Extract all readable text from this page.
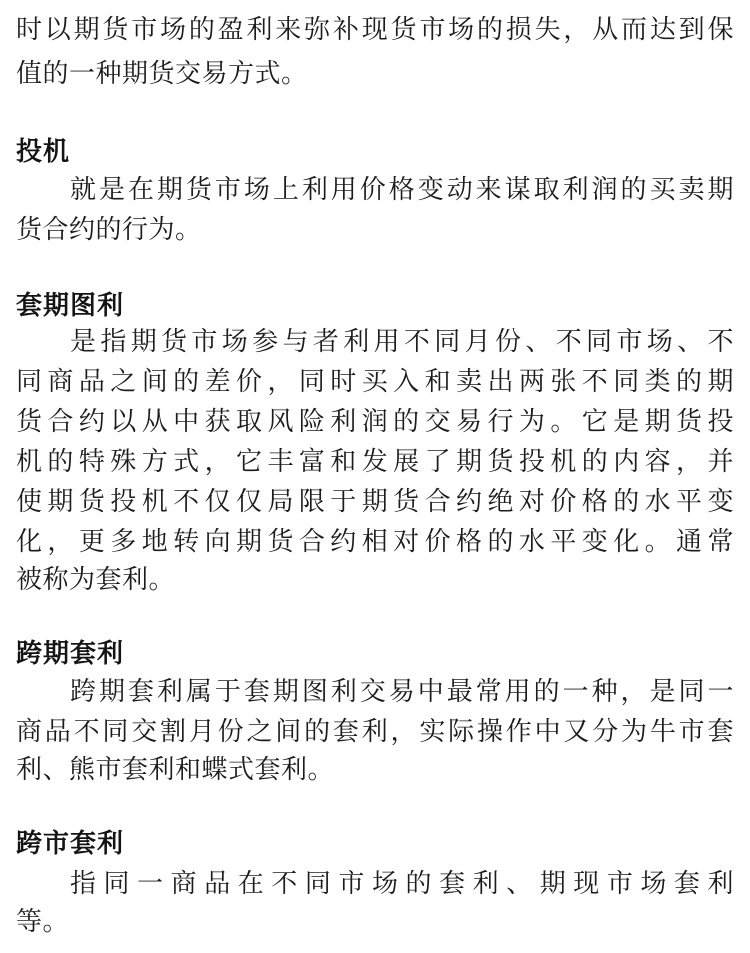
时以期货市场的盈利来弥补现货市场的损失，从而达到保
值的一种期货交易方式。
投机
就是在期货市场上利用价格变动来谋取利润的买卖期
货合约的行为。
套期图利
是指期货市场参与者利用不同月份、不同市场、不
同商品之间的差价，同时买入和卖出两张不同类的期
货合约以从中获取风险利润的交易行为。它是期货投
机的特殊方式，它丰富和发展了期货投机的内容，并
使期货投机不仅仅局限于期货合约绝对价格的水平变
化，更多地转向期货合约相对价格的水平变化。通常
被称为套利。
跨期套利
跨期套利属于套期图利交易中最常用的一种，是同一
商品不同交割月份之间的套利，实际操作中又分为牛市套
利、熊市套利和蝶式套利。
跨市套利
指同一商品在不同市场的套利、期现市场套利
等。
